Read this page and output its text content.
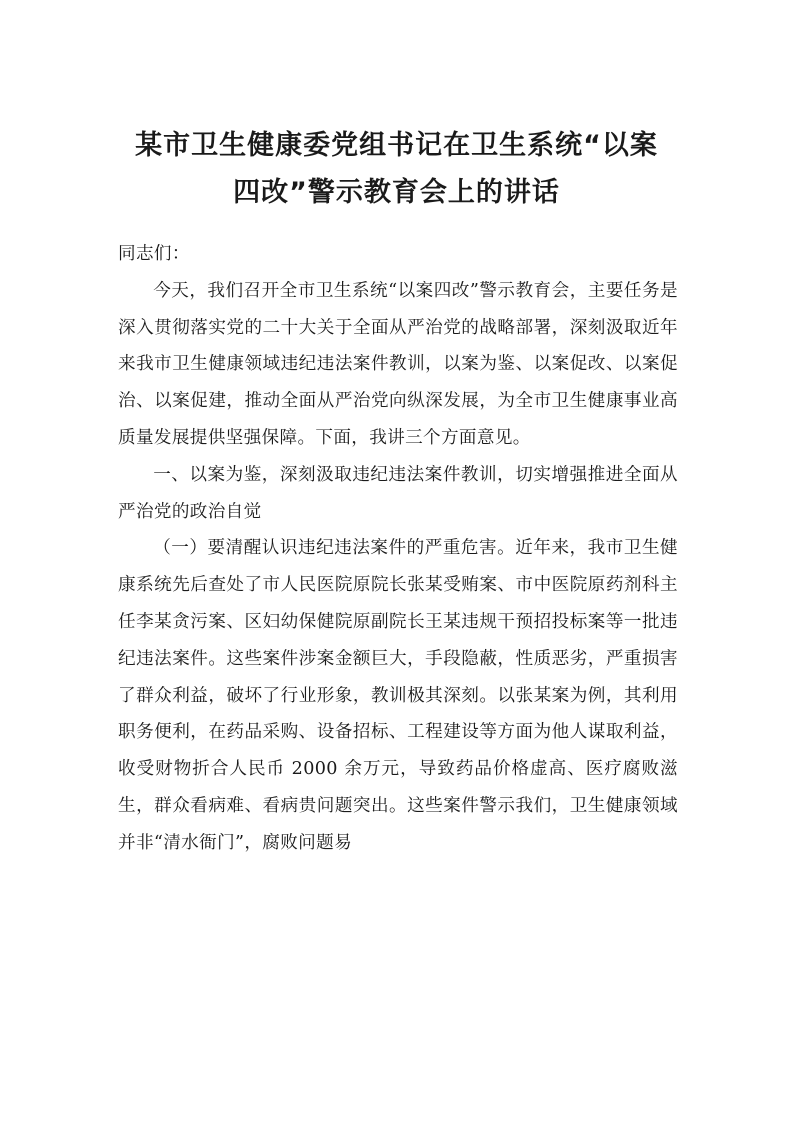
某市卫生健康委党组书记在卫生系统“以案
四改”警示教育会上的讲话

同志们：

今天，我们召开全市卫生系统“以案四改”警示教育会，主要任务是深入贯彻落实党的二十大关于全面从严治党的战略部署，深刻汲取近年来我市卫生健康领域违纪违法案件教训，以案为鉴、以案促改、以案促治、以案促建，推动全面从严治党向纵深发展，为全市卫生健康事业高质量发展提供坚强保障。下面，我讲三个方面意见。

一、以案为鉴，深刻汲取违纪违法案件教训，切实增强推进全面从严治党的政治自觉

（一）要清醒认识违纪违法案件的严重危害。近年来，我市卫生健康系统先后查处了市人民医院原院长张某受贿案、市中医院原药剂科主任李某贪污案、区妇幼保健院原副院长王某违规干预招投标案等一批违纪违法案件。这些案件涉案金额巨大，手段隐蔽，性质恶劣，严重损害了群众利益，破坏了行业形象，教训极其深刻。以张某案为例，其利用职务便利，在药品采购、设备招标、工程建设等方面为他人谋取利益，收受财物折合人民币 2000 余万元，导致药品价格虚高、医疗腐败滋生，群众看病难、看病贵问题突出。这些案件警示我们，卫生健康领域并非“清水衙门”，腐败问题易
